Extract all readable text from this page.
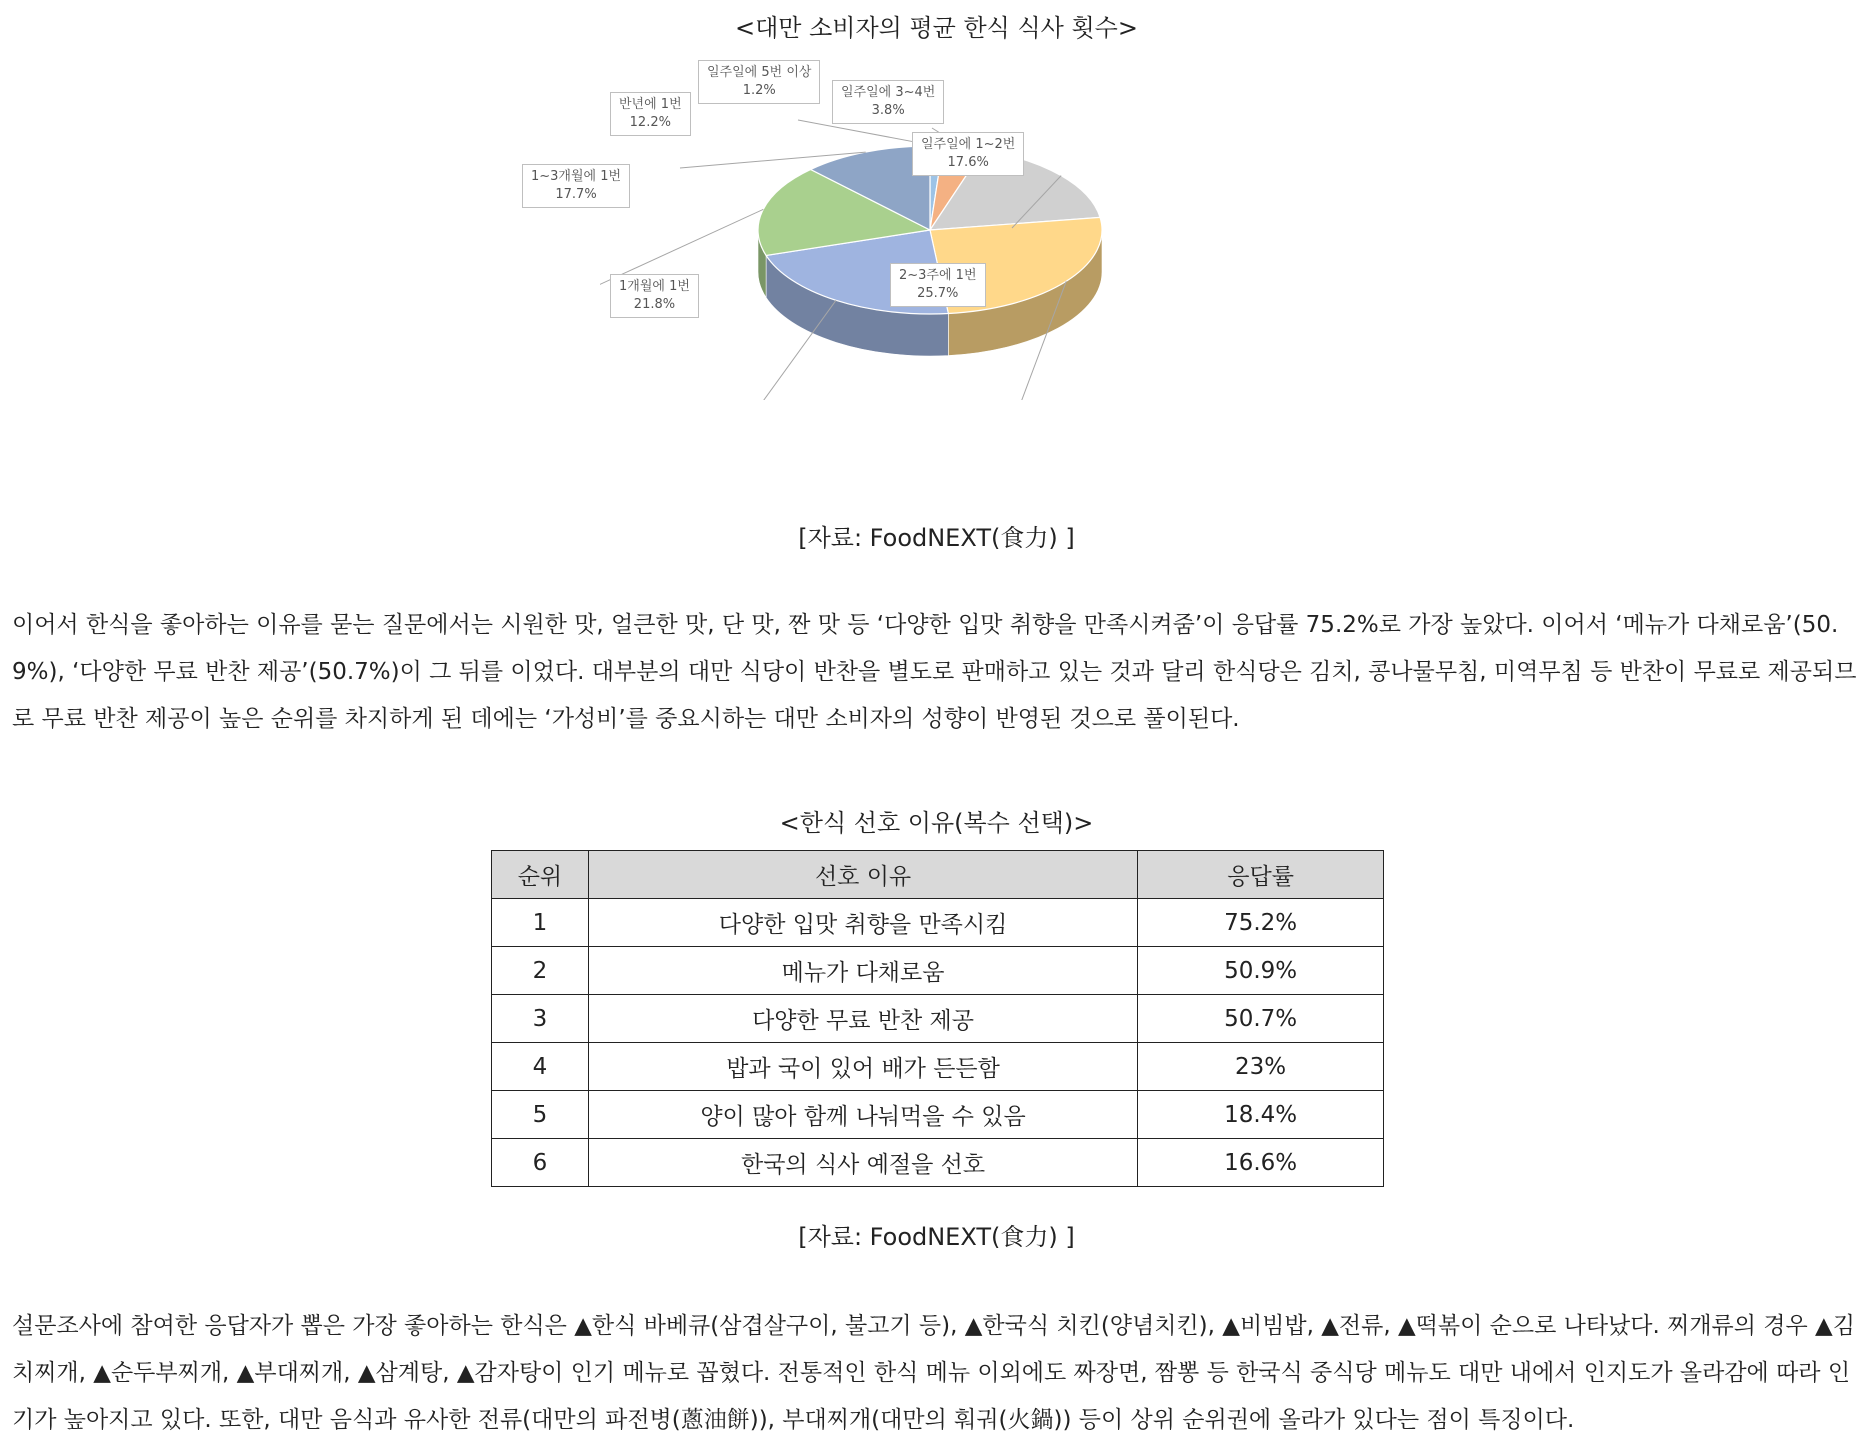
<대만 소비자의 평균 한식 식사 횟수>
일주일에 5번 이상
1.2%	일주일에 3~4번
3.8%
일주일에 1~2번
17.6%
2~3주에 1번
25.7%
1개월에 1번
21.8%
1~3개월에 1번
17.7%
반년에 1번
12.2%
[자료: FoodNEXT(食力) ]

이어서 한식을 좋아하는 이유를 묻는 질문에서는 시원한 맛, 얼큰한 맛, 단 맛, 짠 맛 등 ‘다양한 입맛 취향을 만족시켜줌’이 응답률 75.2%로 가장 높았다. 이어서 ‘메뉴가 다채로움’(50.9%), ‘다양한 무료 반찬 제공’(50.7%)이 그 뒤를 이었다. 대부분의 대만 식당이 반찬을 별도로 판매하고 있는 것과 달리 한식당은 김치, 콩나물무침, 미역무침 등 반찬이 무료로 제공되므로 무료 반찬 제공이 높은 순위를 차지하게 된 데에는 ‘가성비’를 중요시하는 대만 소비자의 성향이 반영된 것으로 풀이된다.

<한식 선호 이유(복수 선택)>
순위	선호 이유	응답률
1	다양한 입맛 취향을 만족시킴	75.2%
2	메뉴가 다채로움	50.9%
3	다양한 무료 반찬 제공	50.7%
4	밥과 국이 있어 배가 든든함	23%
5	양이 많아 함께 나눠먹을 수 있음	18.4%
6	한국의 식사 예절을 선호	16.6%
[자료: FoodNEXT(食力) ]

설문조사에 참여한 응답자가 뽑은 가장 좋아하는 한식은 ▲한식 바베큐(삼겹살구이, 불고기 등), ▲한국식 치킨(양념치킨), ▲비빔밥, ▲전류, ▲떡볶이 순으로 나타났다. 찌개류의 경우 ▲김치찌개, ▲순두부찌개, ▲부대찌개, ▲삼계탕, ▲감자탕이 인기 메뉴로 꼽혔다. 전통적인 한식 메뉴 이외에도 짜장면, 짬뽕 등 한국식 중식당 메뉴도 대만 내에서 인지도가 올라감에 따라 인기가 높아지고 있다. 또한, 대만 음식과 유사한 전류(대만의 파전병(蔥油餅)), 부대찌개(대만의 훠궈(火鍋)) 등이 상위 순위권에 올라가 있다는 점이 특징이다.
